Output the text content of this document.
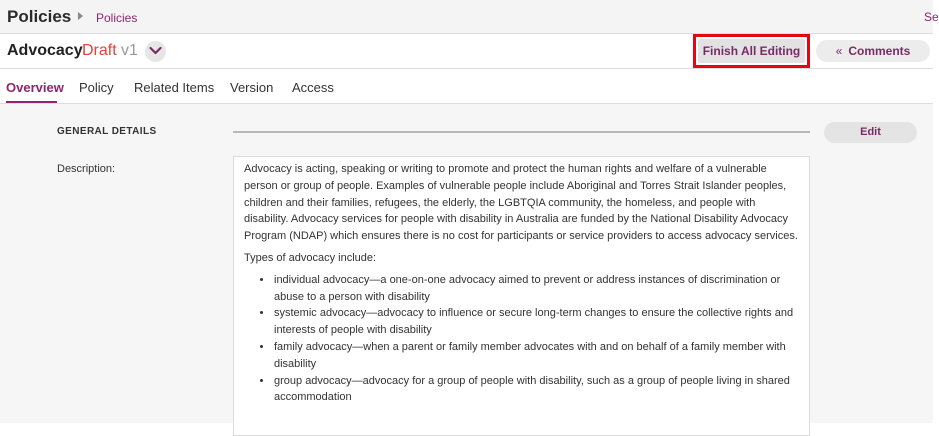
Policies Policies	Se
Advocacy Draft v1	Finish All Editing	« Comments
Overview Policy Related Items Version Access
GENERAL DETAILS	Edit
Description:	Advocacy is acting, speaking or writing to promote and protect the human rights and welfare of a vulnerable person or group of people. Examples of vulnerable people include Aboriginal and Torres Strait Islander peoples, children and their families, refugees, the elderly, the LGBTQIA community, the homeless, and people with disability. Advocacy services for people with disability in Australia are funded by the National Disability Advocacy Program (NDAP) which ensures there is no cost for participants or service providers to access advocacy services.

Types of advocacy include:

• individual advocacy—a one-on-one advocacy aimed to prevent or address instances of discrimination or abuse to a person with disability
• systemic advocacy—advocacy to influence or secure long-term changes to ensure the collective rights and interests of people with disability
• family advocacy—when a parent or family member advocates with and on behalf of a family member with disability
• group advocacy—advocacy for a group of people with disability, such as a group of people living in shared accommodation
